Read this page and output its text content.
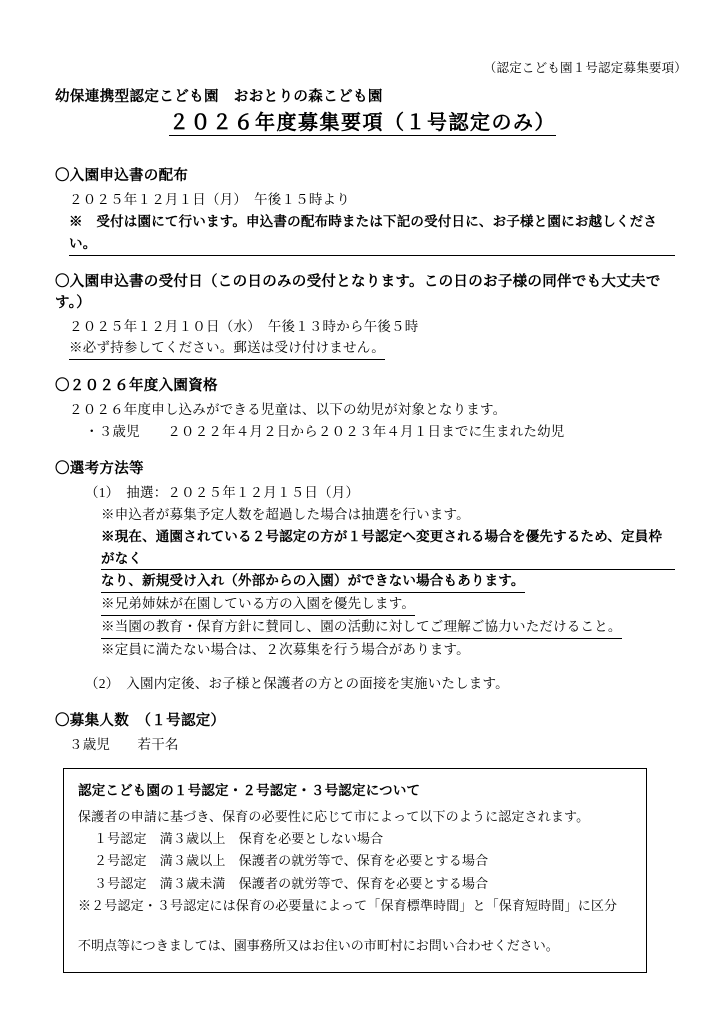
（認定こども園１号認定募集要項）
幼保連携型認定こども園　おおとりの森こども園
２０２６年度募集要項（１号認定のみ）
〇入園申込書の配布
２０２５年１２月１日（月）　午後１５時より
※　受付は園にて行います。申込書の配布時または下記の受付日に、お子様と園にお越しください。
〇入園申込書の受付日（この日のみの受付となります。この日のお子様の同伴でも大丈夫です。）
２０２５年１２月１０日（水）　午後１３時から午後５時
※必ず持参してください。郵送は受け付けません。
〇２０２６年度入園資格
２０２６年度申し込みができる児童は、以下の幼児が対象となります。
・３歳児　　２０２２年４月２日から２０２３年４月１日までに生まれた幼児
〇選考方法等
（1）　抽選：２０２５年１２月１５日（月）
※申込者が募集予定人数を超過した場合は抽選を行います。
※現在、通園されている２号認定の方が１号認定へ変更される場合を優先するため、定員枠がなく
なり、新規受け入れ（外部からの入園）ができない場合もあります。
※兄弟姉妹が在園している方の入園を優先します。
※当園の教育・保育方針に賛同し、園の活動に対してご理解ご協力いただけること。
※定員に満たない場合は、２次募集を行う場合があります。
（2）　入園内定後、お子様と保護者の方との面接を実施いたします。
〇募集人数　（１号認定）
３歳児　　若干名
認定こども園の１号認定・２号認定・３号認定について
保護者の申請に基づき、保育の必要性に応じて市によって以下のように認定されます。
１号認定　満３歳以上　保育を必要としない場合
２号認定　満３歳以上　保護者の就労等で、保育を必要とする場合
３号認定　満３歳未満　保護者の就労等で、保育を必要とする場合
※２号認定・３号認定には保育の必要量によって「保育標準時間」と「保育短時間」に区分
不明点等につきましては、園事務所又はお住いの市町村にお問い合わせください。
